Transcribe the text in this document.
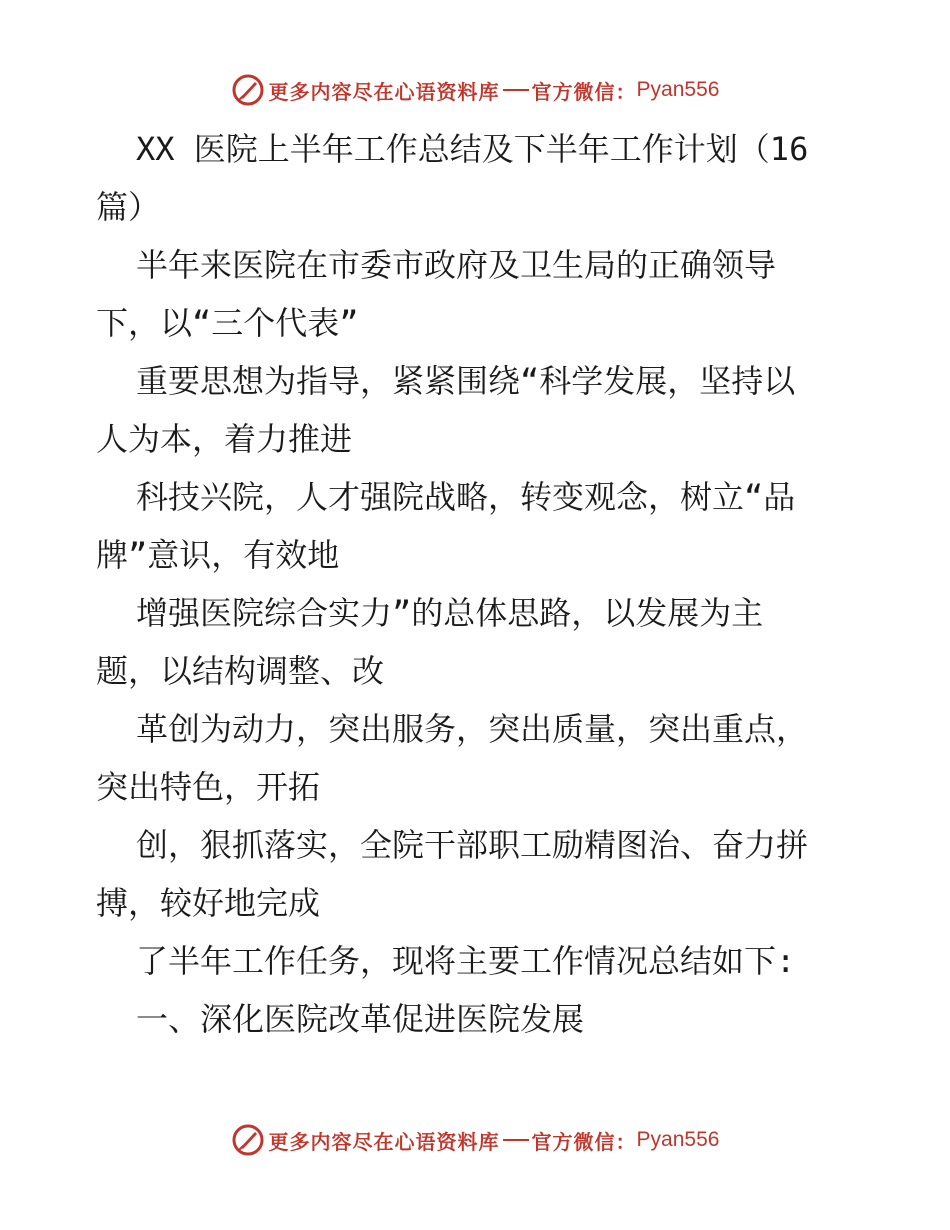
更多内容尽在心语资料库 官方微信： Pyan556
XX 医院上半年工作总结及下半年工作计划（16
篇）
半年来医院在市委市政府及卫生局的正确领导
下，以“三个代表”
重要思想为指导，紧紧围绕“科学发展，坚持以
人为本，着力推进
科技兴院，人才强院战略，转变观念，树立“品
牌”意识，有效地
增强医院综合实力”的总体思路，以发展为主
题，以结构调整、改
革创为动力，突出服务，突出质量，突出重点，
突出特色，开拓
创，狠抓落实，全院干部职工励精图治、奋力拼
搏，较好地完成
了半年工作任务，现将主要工作情况总结如下:
一、深化医院改革促进医院发展
更多内容尽在心语资料库 官方微信： Pyan556
